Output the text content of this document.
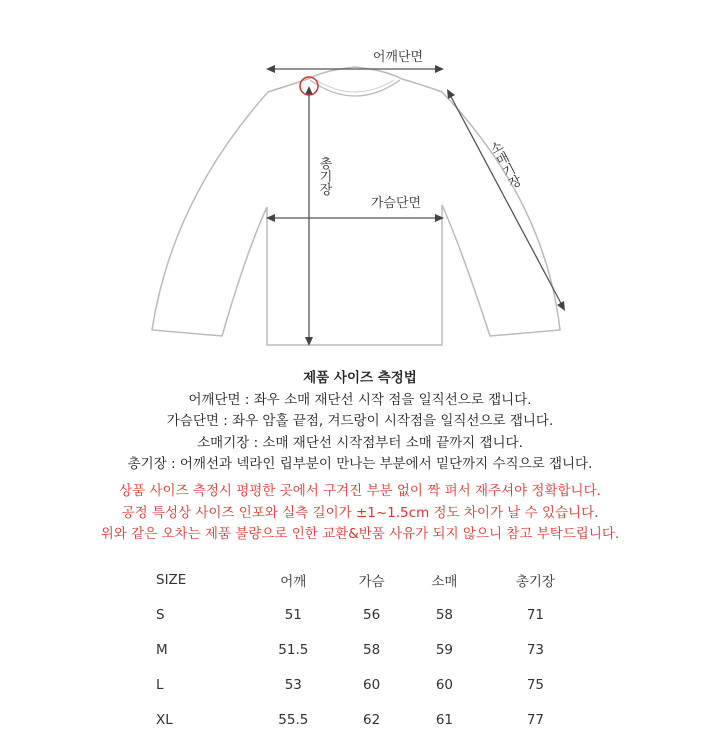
어깨단면
총기장
가슴단면
소매기장
제품 사이즈 측정법
어깨단면 : 좌우 소매 재단선 시작 점을 일직선으로 잽니다.
가슴단면 : 좌우 암홀 끝점, 겨드랑이 시작점을 일직선으로 잽니다.
소매기장 : 소매 재단선 시작점부터 소매 끝까지 잽니다.
총기장 : 어깨선과 넥라인 립부분이 만나는 부분에서 밑단까지 수직으로 잽니다.
상품 사이즈 측정시 평평한 곳에서 구겨진 부분 없이 짝 펴서 재주셔야 정확합니다.
공정 특성상 사이즈 인포와 실측 길이가 ±1~1.5cm 정도 차이가 날 수 있습니다.
위와 같은 오차는 제품 불량으로 인한 교환&반품 사유가 되지 않으니 참고 부탁드립니다.
SIZE	어깨	가슴	소매	총기장
S	51	56	58	71
M	51.5	58	59	73
L	53	60	60	75
XL	55.5	62	61	77
